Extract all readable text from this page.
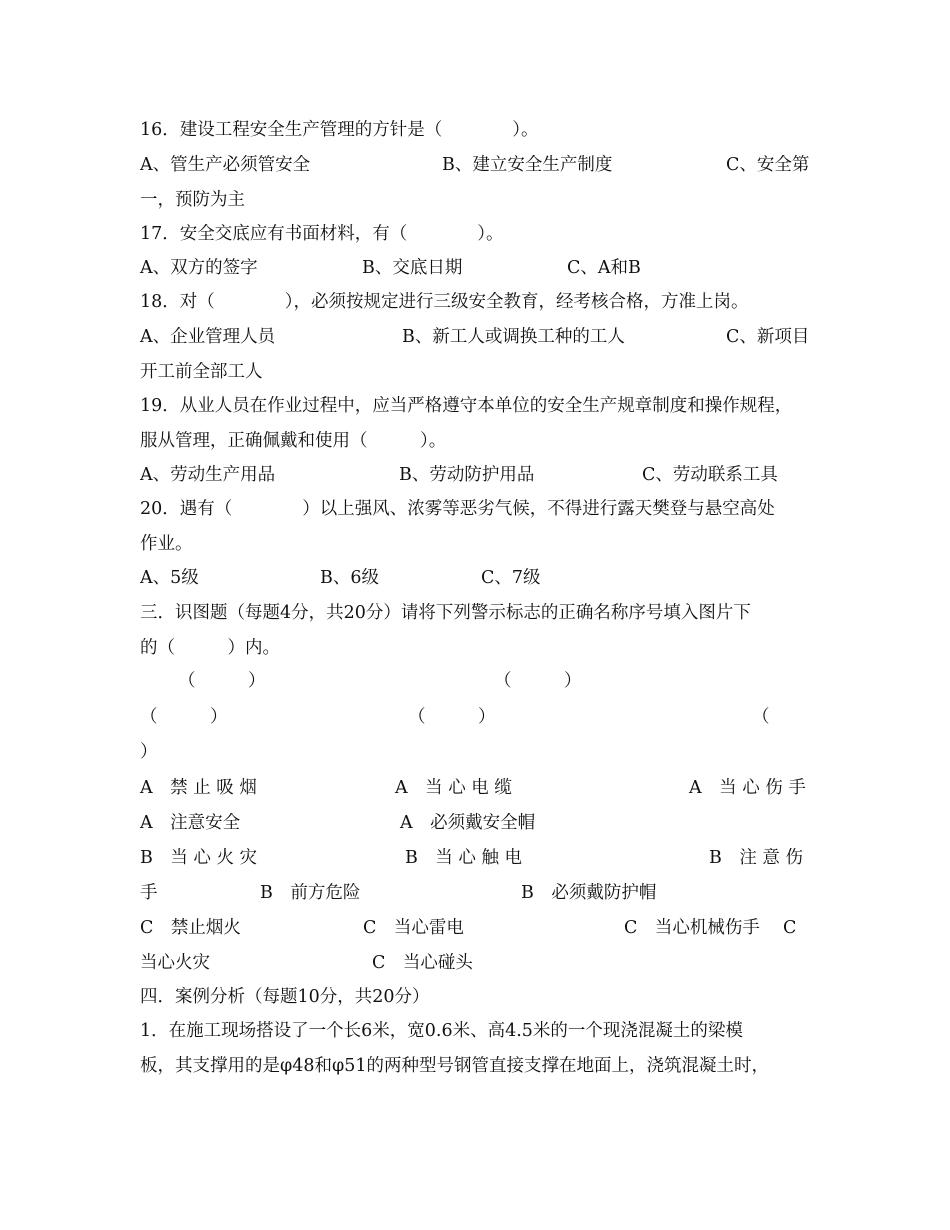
16．建设工程安全生产管理的方针是（　　　　）。

A、管生产必须管安全

	B、建立安全生产制度

	C、安全第

一，预防为主

17．安全交底应有书面材料，有（　　　　）。

A、双方的签字

	B、交底日期

	C、A和B

18．对（　　　　），必须按规定进行三级安全教育，经考核合格，方准上岗。

A、企业管理人员

	B、新工人或调换工种的工人

	C、新项目

开工前全部工人

19．从业人员在作业过程中，应当严格遵守本单位的安全生产规章制度和操作规程，

服从管理，正确佩戴和使用（　　　）。

A、劳动生产用品

	B、劳动防护用品

	C、劳动联系工具

20．遇有（　　　　）以上强风、浓雾等恶劣气候，不得进行露天樊登与悬空高处

作业。

A、5级

	B、6级

	C、7级

三．识图题（每题4分，共20分）请将下列警示标志的正确名称序号填入图片下

的（　　　）内。

（　　　）

	（　　　）

（　　　）

	（　　　）

	（

）

A　禁 止 吸 烟

	A　当 心 电 缆

	A　当 心 伤 手

A　注意安全

	A　必须戴安全帽

B　当 心 火 灾

	B　当 心 触 电

	B　注 意 伤

手

	B　前方危险

	B　必须戴防护帽

C　禁止烟火

	C　当心雷电

	C　当心机械伤手

C

当心火灾

	C　当心碰头

四．案例分析（每题10分，共20分）

1．在施工现场搭设了一个长6米，宽0.6米、高4.5米的一个现浇混凝土的梁模

板，其支撑用的是φ48和φ51的两种型号钢管直接支撑在地面上，浇筑混凝土时，
